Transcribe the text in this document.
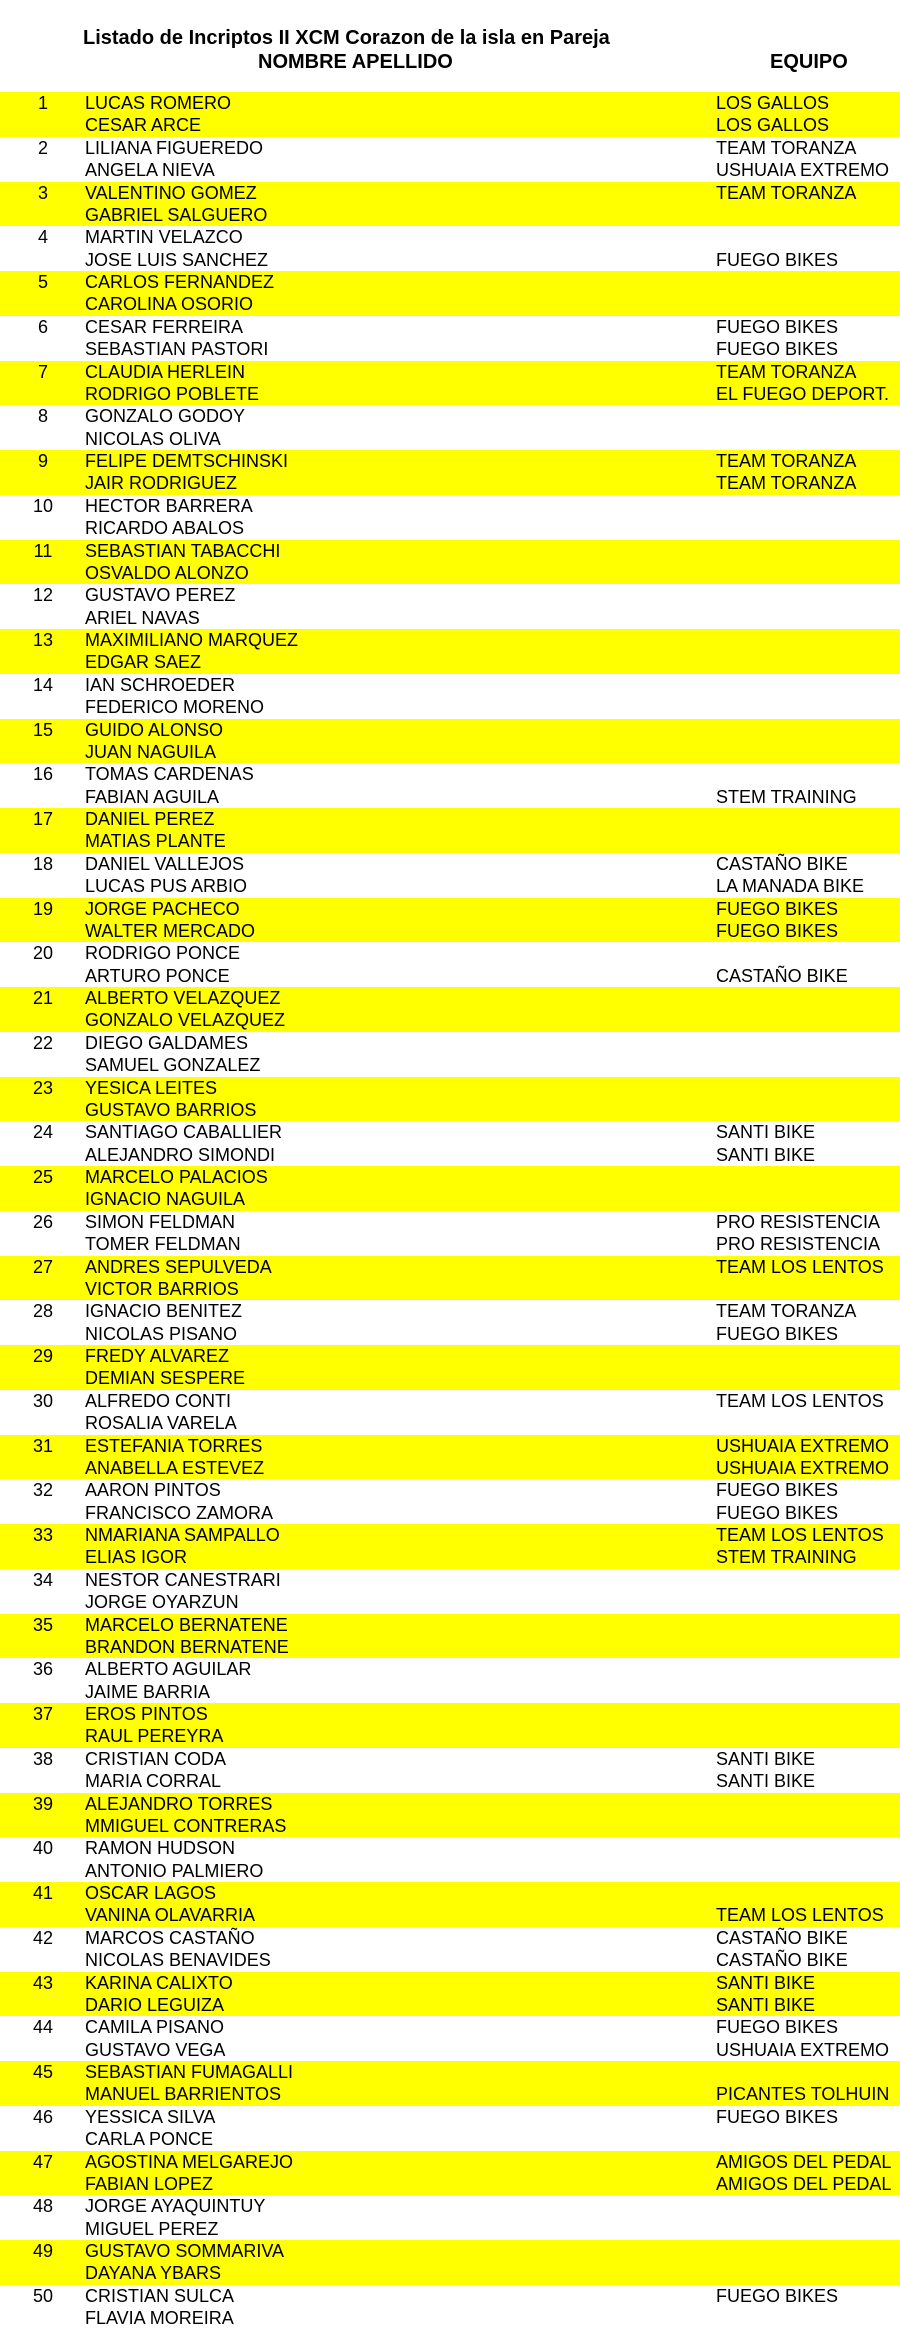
Listado de Incriptos II XCM Corazon de la isla en Pareja
NOMBRE APELLIDO	EQUIPO
1	LUCAS ROMERO	LOS GALLOS
CESAR ARCE	LOS GALLOS
2	LILIANA FIGUEREDO	TEAM TORANZA
ANGELA NIEVA	USHUAIA EXTREMO
3	VALENTINO GOMEZ	TEAM TORANZA
GABRIEL SALGUERO
4	MARTIN VELAZCO
JOSE LUIS SANCHEZ	FUEGO BIKES
5	CARLOS FERNANDEZ
CAROLINA OSORIO
6	CESAR FERREIRA	FUEGO BIKES
SEBASTIAN PASTORI	FUEGO BIKES
7	CLAUDIA HERLEIN	TEAM TORANZA
RODRIGO POBLETE	EL FUEGO DEPORT.
8	GONZALO GODOY
NICOLAS OLIVA
9	FELIPE DEMTSCHINSKI	TEAM TORANZA
JAIR RODRIGUEZ	TEAM TORANZA
10	HECTOR BARRERA
RICARDO ABALOS
11	SEBASTIAN TABACCHI
OSVALDO ALONZO
12	GUSTAVO PEREZ
ARIEL NAVAS
13	MAXIMILIANO MARQUEZ
EDGAR SAEZ
14	IAN SCHROEDER
FEDERICO MORENO
15	GUIDO ALONSO
JUAN NAGUILA
16	TOMAS CARDENAS
FABIAN AGUILA	STEM TRAINING
17	DANIEL PEREZ
MATIAS PLANTE
18	DANIEL VALLEJOS	CASTAÑO BIKE
LUCAS PUS ARBIO	LA MANADA BIKE
19	JORGE PACHECO	FUEGO BIKES
WALTER MERCADO	FUEGO BIKES
20	RODRIGO PONCE
ARTURO PONCE	CASTAÑO BIKE
21	ALBERTO VELAZQUEZ
GONZALO VELAZQUEZ
22	DIEGO GALDAMES
SAMUEL GONZALEZ
23	YESICA LEITES
GUSTAVO BARRIOS
24	SANTIAGO CABALLIER	SANTI BIKE
ALEJANDRO SIMONDI	SANTI BIKE
25	MARCELO PALACIOS
IGNACIO NAGUILA
26	SIMON FELDMAN	PRO RESISTENCIA
TOMER FELDMAN	PRO RESISTENCIA
27	ANDRES SEPULVEDA	TEAM LOS LENTOS
VICTOR BARRIOS
28	IGNACIO BENITEZ	TEAM TORANZA
NICOLAS PISANO	FUEGO BIKES
29	FREDY ALVAREZ
DEMIAN SESPERE
30	ALFREDO CONTI	TEAM LOS LENTOS
ROSALIA VARELA
31	ESTEFANIA TORRES	USHUAIA EXTREMO
ANABELLA ESTEVEZ	USHUAIA EXTREMO
32	AARON PINTOS	FUEGO BIKES
FRANCISCO ZAMORA	FUEGO BIKES
33	NMARIANA SAMPALLO	TEAM LOS LENTOS
ELIAS IGOR	STEM TRAINING
34	NESTOR CANESTRARI
JORGE OYARZUN
35	MARCELO BERNATENE
BRANDON BERNATENE
36	ALBERTO AGUILAR
JAIME BARRIA
37	EROS PINTOS
RAUL PEREYRA
38	CRISTIAN CODA	SANTI BIKE
MARIA CORRAL	SANTI BIKE
39	ALEJANDRO TORRES
MMIGUEL CONTRERAS
40	RAMON HUDSON
ANTONIO PALMIERO
41	OSCAR LAGOS
VANINA OLAVARRIA	TEAM LOS LENTOS
42	MARCOS CASTAÑO	CASTAÑO BIKE
NICOLAS BENAVIDES	CASTAÑO BIKE
43	KARINA CALIXTO	SANTI BIKE
DARIO LEGUIZA	SANTI BIKE
44	CAMILA PISANO	FUEGO BIKES
GUSTAVO VEGA	USHUAIA EXTREMO
45	SEBASTIAN FUMAGALLI
MANUEL BARRIENTOS	PICANTES TOLHUIN
46	YESSICA SILVA	FUEGO BIKES
CARLA PONCE
47	AGOSTINA MELGAREJO	AMIGOS DEL PEDAL
FABIAN LOPEZ	AMIGOS DEL PEDAL
48	JORGE AYAQUINTUY
MIGUEL PEREZ
49	GUSTAVO SOMMARIVA
DAYANA YBARS
50	CRISTIAN SULCA	FUEGO BIKES
FLAVIA MOREIRA
